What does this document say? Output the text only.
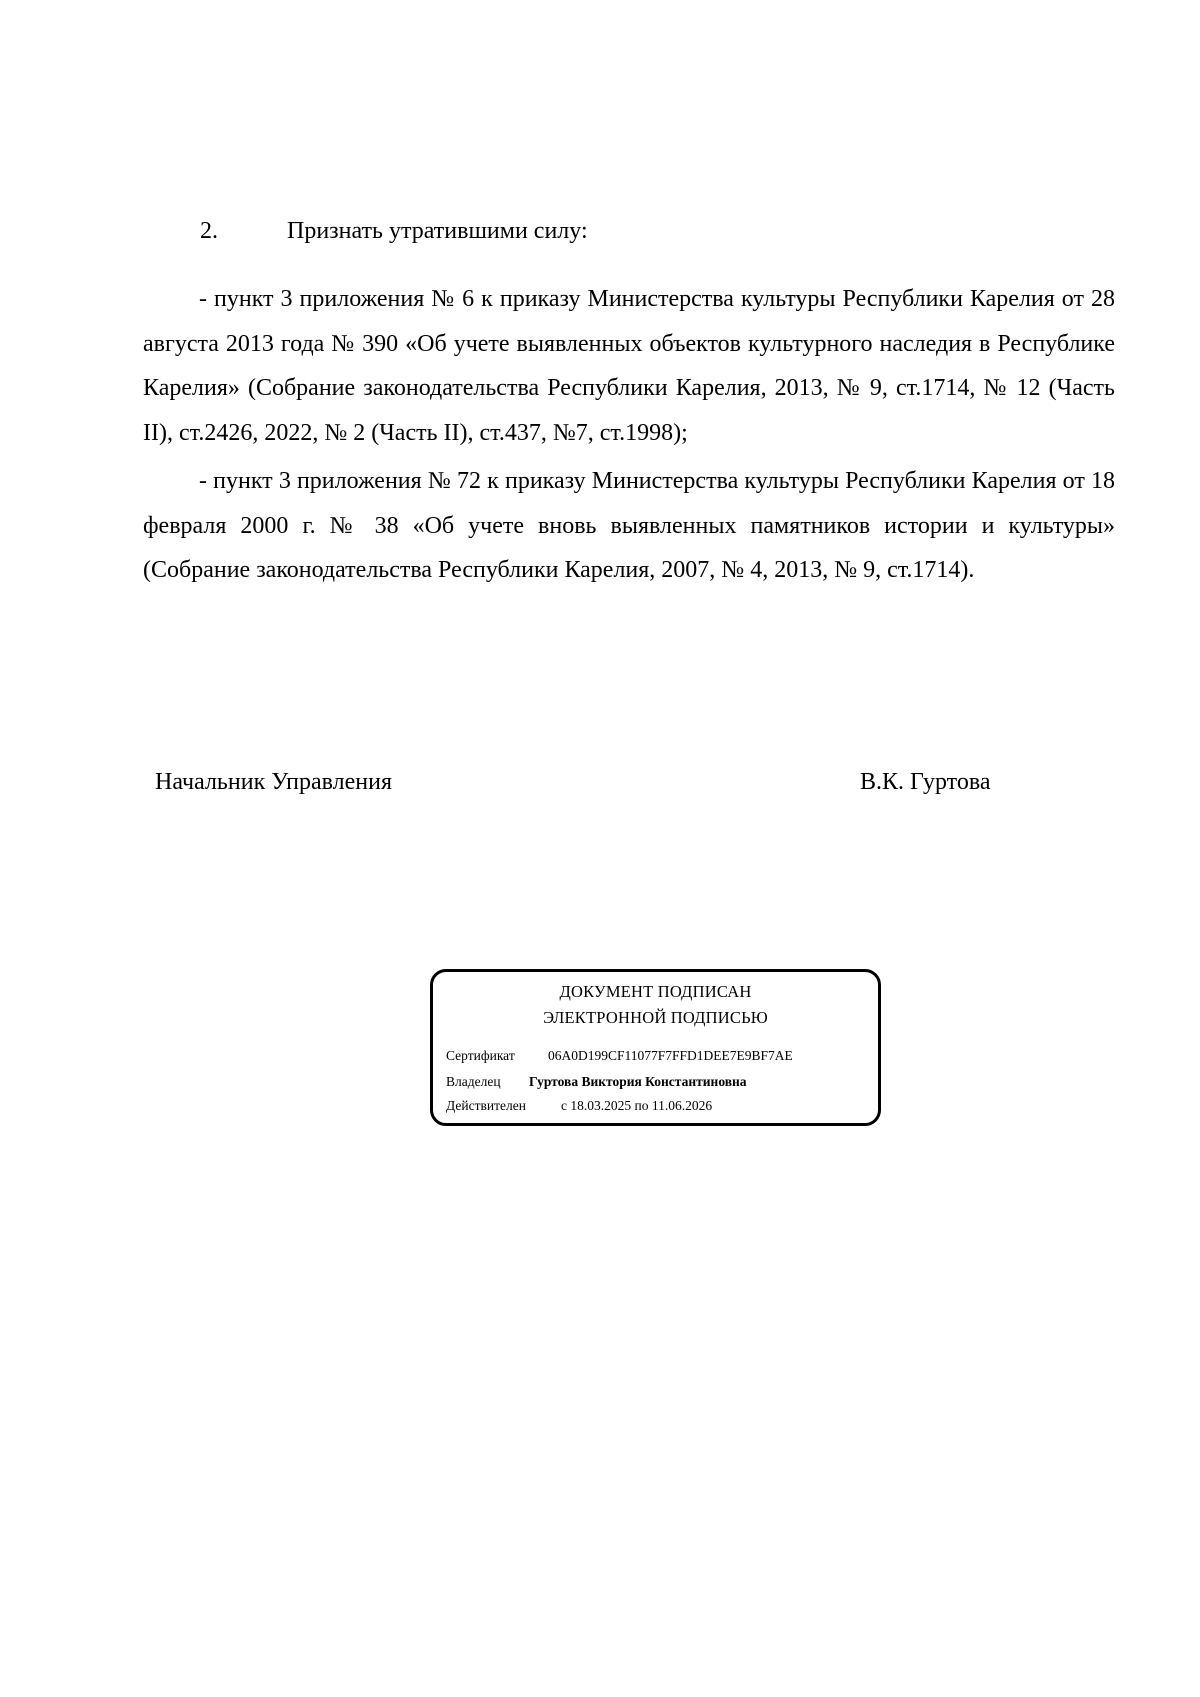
2.	Признать утратившими силу:

- пункт 3 приложения № 6 к приказу Министерства культуры Республики Карелия от 28 августа 2013 года № 390 «Об учете выявленных объектов культурного наследия в Республике Карелия» (Собрание законодательства Республики Карелия, 2013, № 9, ст.1714, № 12 (Часть II), ст.2426, 2022, № 2 (Часть II), ст.437, №7, ст.1998);

- пункт 3 приложения № 72 к приказу Министерства культуры Республики Карелия от 18 февраля 2000 г. № 38 «Об учете вновь выявленных памятников истории и культуры» (Собрание законодательства Республики Карелия, 2007, № 4, 2013, № 9, ст.1714).

Начальник Управления	В.К. Гуртова
ДОКУМЕНТ ПОДПИСАН
ЭЛЕКТРОННОЙ ПОДПИСЬЮ
Сертификат 06A0D199CF11077F7FFD1DEE7E9BF7AE
Владелец Гуртова Виктория Константиновна
Действителен	с 18.03.2025 по 11.06.2026
